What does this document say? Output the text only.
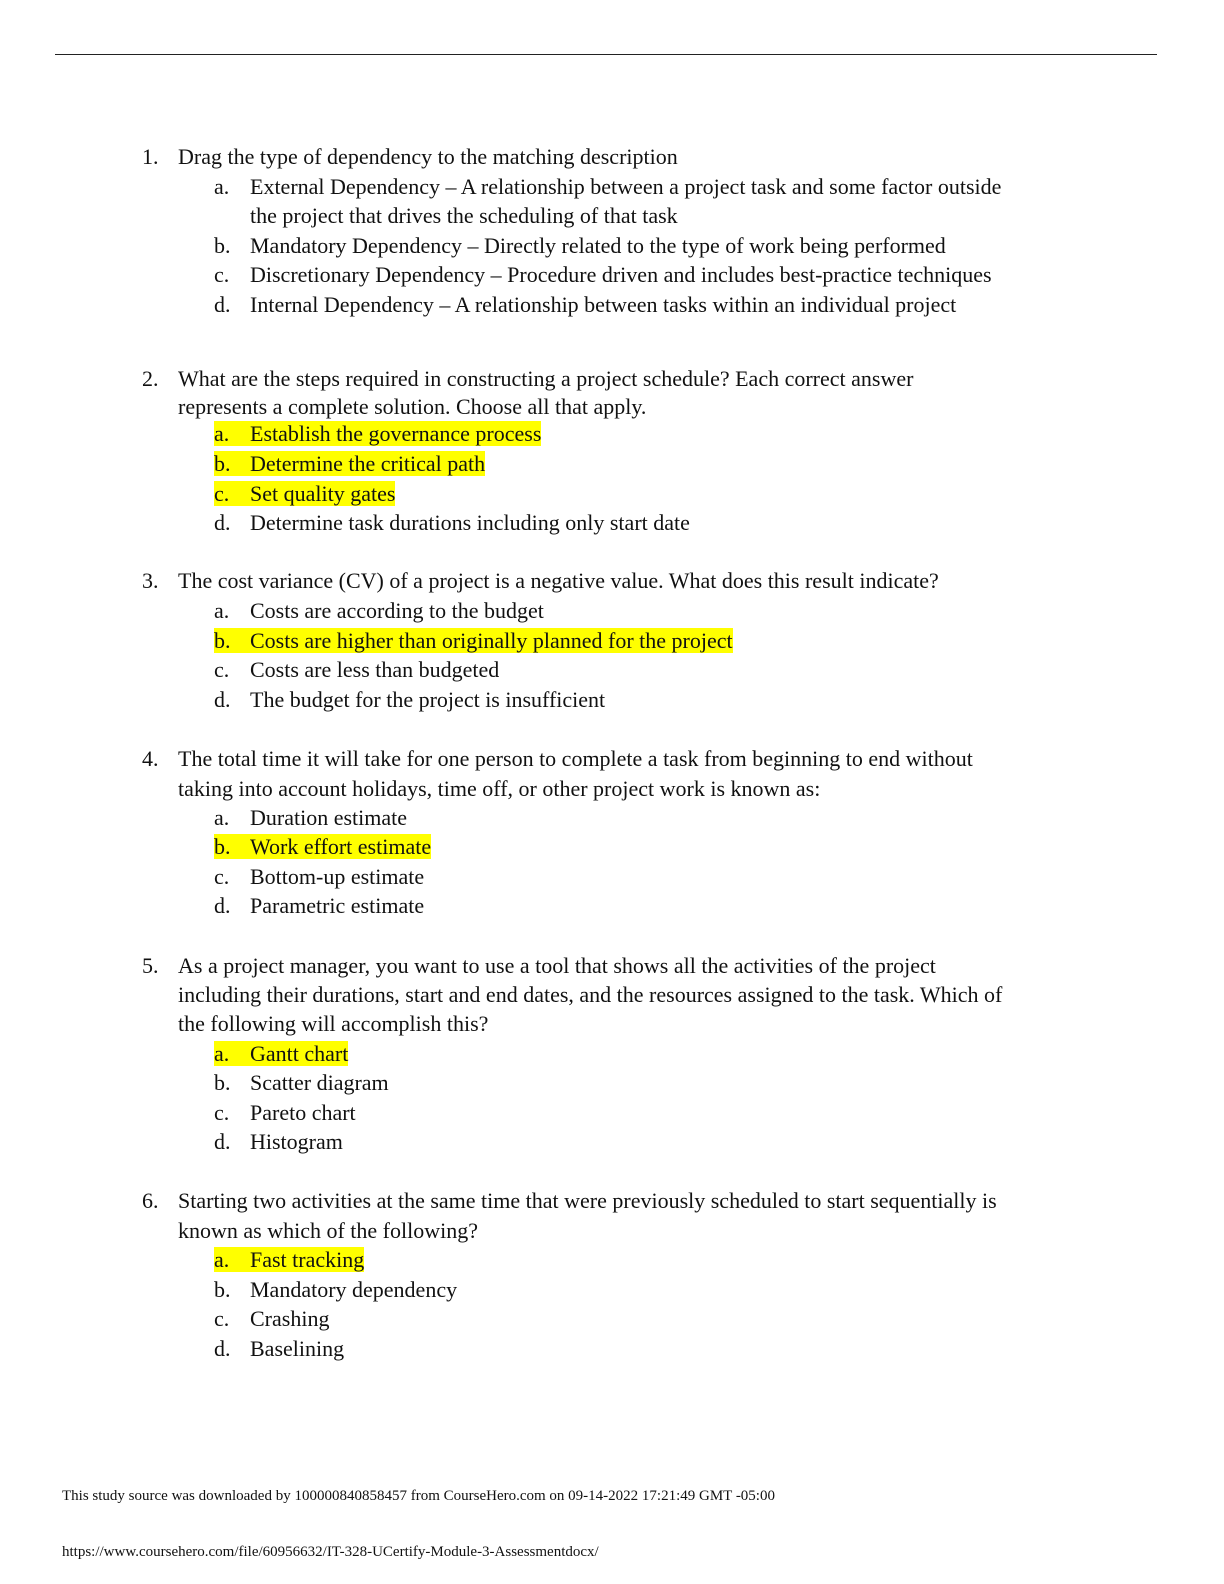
1. Drag the type of dependency to the matching description
a. External Dependency – A relationship between a project task and some factor outside
the project that drives the scheduling of that task
b. Mandatory Dependency – Directly related to the type of work being performed
c. Discretionary Dependency – Procedure driven and includes best-practice techniques
d. Internal Dependency – A relationship between tasks within an individual project
2. What are the steps required in constructing a project schedule? Each correct answer
represents a complete solution. Choose all that apply.
a. Establish the governance process
b. Determine the critical path
c. Set quality gates
d. Determine task durations including only start date
3. The cost variance (CV) of a project is a negative value. What does this result indicate?
a. Costs are according to the budget
b. Costs are higher than originally planned for the project
c. Costs are less than budgeted
d. The budget for the project is insufficient
4. The total time it will take for one person to complete a task from beginning to end without
taking into account holidays, time off, or other project work is known as:
a. Duration estimate
b. Work effort estimate
c. Bottom-up estimate
d. Parametric estimate
5. As a project manager, you want to use a tool that shows all the activities of the project
including their durations, start and end dates, and the resources assigned to the task. Which of
the following will accomplish this?
a. Gantt chart
b. Scatter diagram
c. Pareto chart
d. Histogram
6. Starting two activities at the same time that were previously scheduled to start sequentially is
known as which of the following?
a. Fast tracking
b. Mandatory dependency
c. Crashing
d. Baselining
This study source was downloaded by 100000840858457 from CourseHero.com on 09-14-2022 17:21:49 GMT -05:00
https://www.coursehero.com/file/60956632/IT-328-UCertify-Module-3-Assessmentdocx/
